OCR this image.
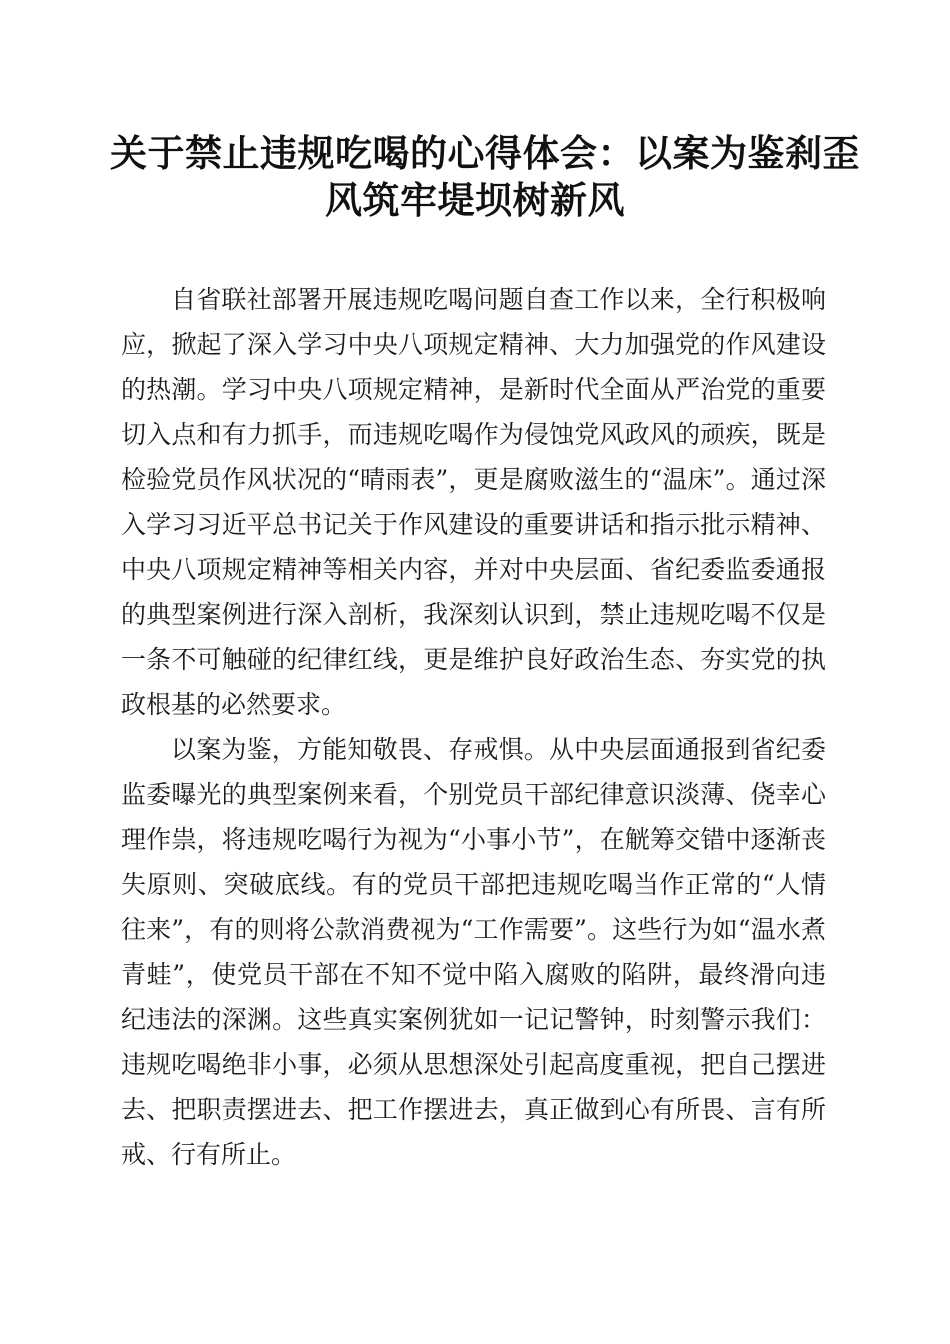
关于禁止违规吃喝的心得体会：以案为鉴刹歪
风筑牢堤坝树新风

自省联社部署开展违规吃喝问题自查工作以来，全行积极响应，掀起了深入学习中央八项规定精神、大力加强党的作风建设的热潮。学习中央八项规定精神，是新时代全面从严治党的重要切入点和有力抓手，而违规吃喝作为侵蚀党风政风的顽疾，既是检验党员作风状况的“晴雨表”，更是腐败滋生的“温床”。通过深入学习习近平总书记关于作风建设的重要讲话和指示批示精神、中央八项规定精神等相关内容，并对中央层面、省纪委监委通报的典型案例进行深入剖析，我深刻认识到，禁止违规吃喝不仅是一条不可触碰的纪律红线，更是维护良好政治生态、夯实党的执政根基的必然要求。

以案为鉴，方能知敬畏、存戒惧。从中央层面通报到省纪委监委曝光的典型案例来看，个别党员干部纪律意识淡薄、侥幸心理作祟，将违规吃喝行为视为“小事小节”，在觥筹交错中逐渐丧失原则、突破底线。有的党员干部把违规吃喝当作正常的“人情往来”，有的则将公款消费视为“工作需要”。这些行为如“温水煮青蛙”，使党员干部在不知不觉中陷入腐败的陷阱，最终滑向违纪违法的深渊。这些真实案例犹如一记记警钟，时刻警示我们：违规吃喝绝非小事，必须从思想深处引起高度重视，把自己摆进去、把职责摆进去、把工作摆进去，真正做到心有所畏、言有所戒、行有所止。
